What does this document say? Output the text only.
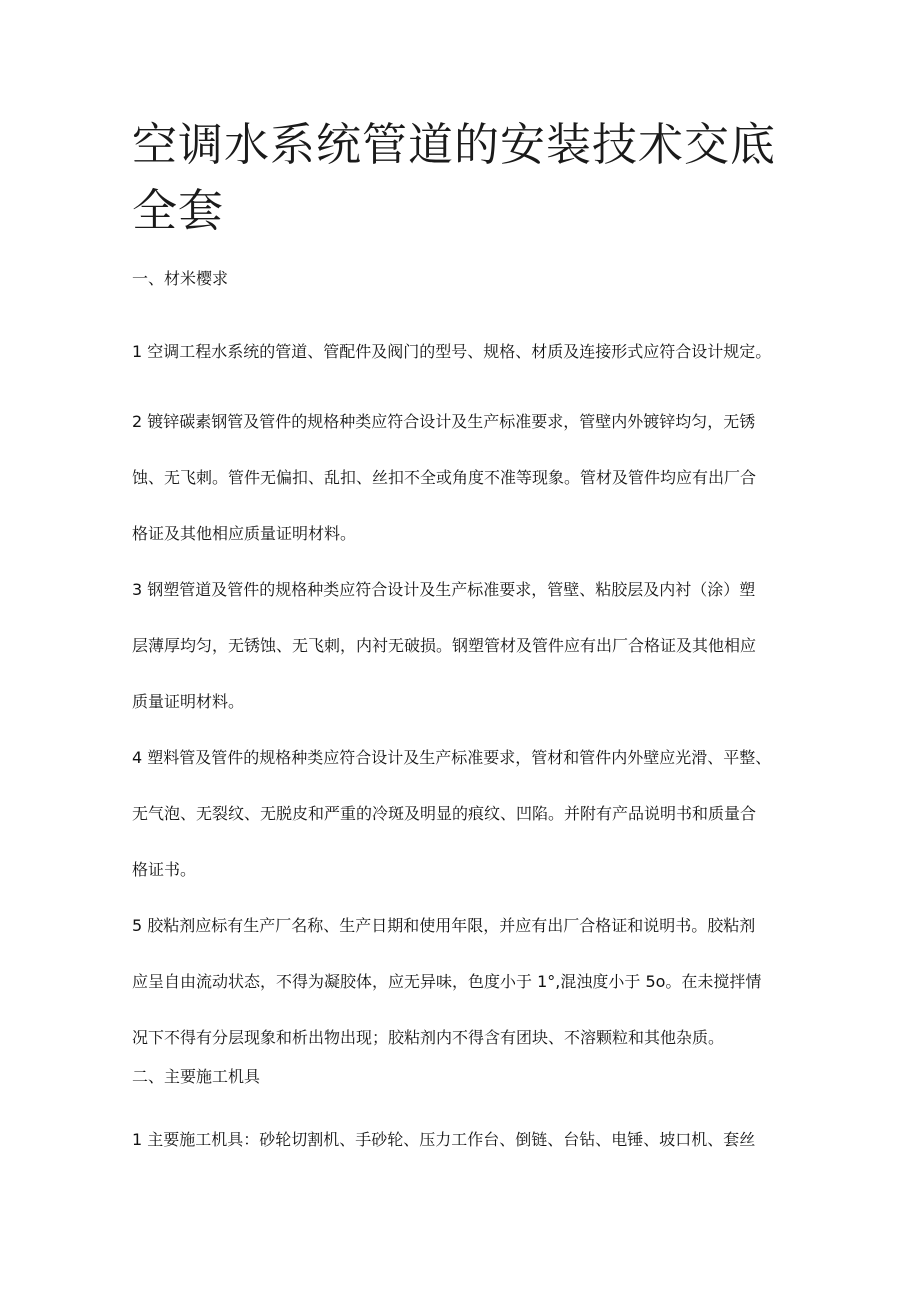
空调水系统管道的安装技术交底全套

一、材米樱求

1 空调工程水系统的管道、管配件及阀门的型号、规格、材质及连接形式应符合设计规定。
2 镀锌碳素钢管及管件的规格种类应符合设计及生产标准要求，管壁内外镀锌均匀，无锈
蚀、无飞刺。管件无偏扣、乱扣、丝扣不全或角度不准等现象。管材及管件均应有出厂合
格证及其他相应质量证明材料。
3 钢塑管道及管件的规格种类应符合设计及生产标准要求，管壁、粘胶层及内衬（涂）塑
层薄厚均匀，无锈蚀、无飞刺，内衬无破损。钢塑管材及管件应有出厂合格证及其他相应
质量证明材料。
4 塑料管及管件的规格种类应符合设计及生产标准要求，管材和管件内外壁应光滑、平整、
无气泡、无裂纹、无脱皮和严重的冷斑及明显的痕纹、凹陷。并附有产品说明书和质量合
格证书。
5 胶粘剂应标有生产厂名称、生产日期和使用年限，并应有出厂合格证和说明书。胶粘剂
应呈自由流动状态，不得为凝胶体，应无异味，色度小于 1°,混浊度小于 5o。在未搅拌情
况下不得有分层现象和析出物出现；胶粘剂内不得含有团块、不溶颗粒和其他杂质。

二、主要施工机具

1 主要施工机具：砂轮切割机、手砂轮、压力工作台、倒链、台钻、电锤、坡口机、套丝
